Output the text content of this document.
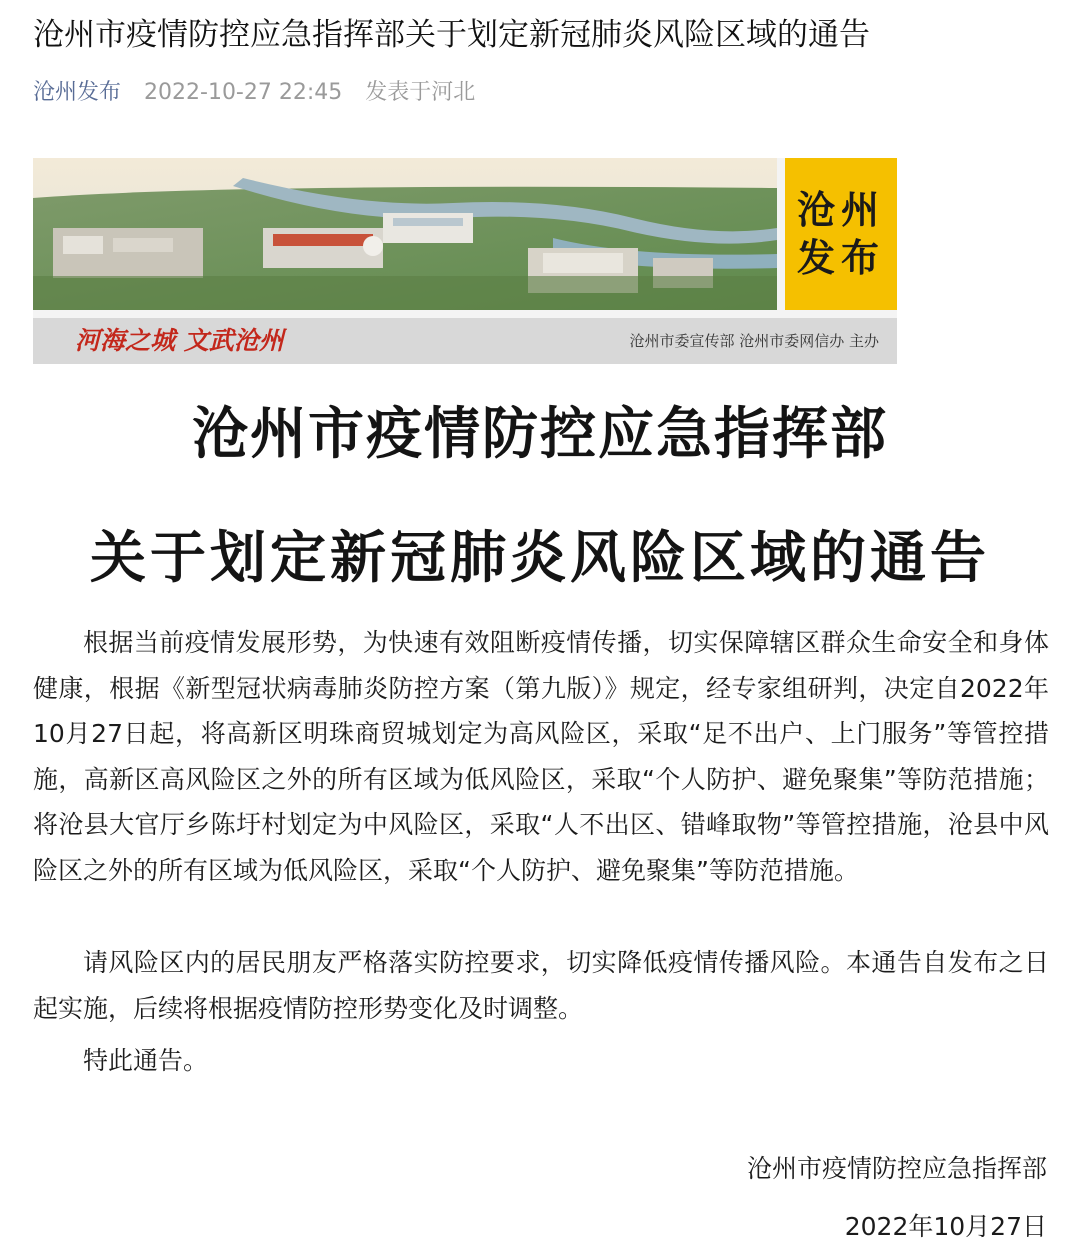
沧州市疫情防控应急指挥部关于划定新冠肺炎风险区域的通告
沧州发布 2022-10-27 22:45 发表于河北
沧州
发布
河海之城 文武沧州	沧州市委宣传部 沧州市委网信办 主办
沧州市疫情防控应急指挥部
关于划定新冠肺炎风险区域的通告
根据当前疫情发展形势，为快速有效阻断疫情传播，切实保障辖区群众生命安全和身体健康，根据《新型冠状病毒肺炎防控方案（第九版）》规定，经专家组研判，决定自2022年10月27日起，将高新区明珠商贸城划定为高风险区，采取“足不出户、上门服务”等管控措施，高新区高风险区之外的所有区域为低风险区，采取“个人防护、避免聚集”等防范措施；将沧县大官厅乡陈圩村划定为中风险区，采取“人不出区、错峰取物”等管控措施，沧县中风险区之外的所有区域为低风险区，采取“个人防护、避免聚集”等防范措施。
请风险区内的居民朋友严格落实防控要求，切实降低疫情传播风险。本通告自发布之日起实施，后续将根据疫情防控形势变化及时调整。
特此通告。
沧州市疫情防控应急指挥部
2022年10月27日
